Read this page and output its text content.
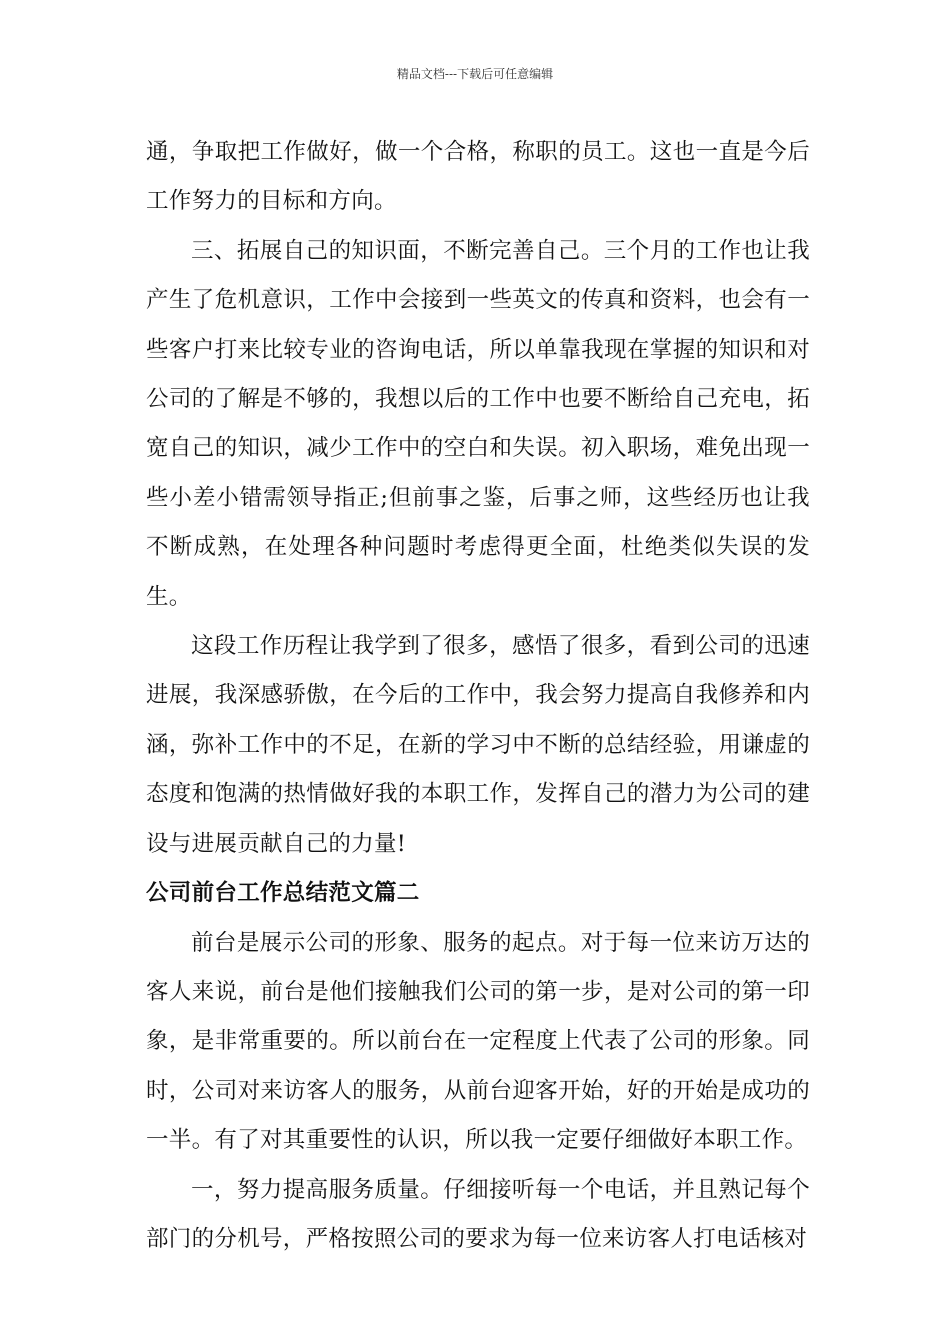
精品文档---下载后可任意编辑

通，争取把工作做好，做一个合格，称职的员工。这也一直是今后工作努力的目标和方向。

三、拓展自己的知识面，不断完善自己。三个月的工作也让我产生了危机意识，工作中会接到一些英文的传真和资料，也会有一些客户打来比较专业的咨询电话，所以单靠我现在掌握的知识和对公司的了解是不够的，我想以后的工作中也要不断给自己充电，拓宽自己的知识，减少工作中的空白和失误。初入职场，难免出现一些小差小错需领导指正;但前事之鉴，后事之师，这些经历也让我不断成熟，在处理各种问题时考虑得更全面，杜绝类似失误的发生。

这段工作历程让我学到了很多，感悟了很多，看到公司的迅速进展，我深感骄傲，在今后的工作中，我会努力提高自我修养和内涵，弥补工作中的不足，在新的学习中不断的总结经验，用谦虚的态度和饱满的热情做好我的本职工作，发挥自己的潜力为公司的建设与进展贡献自己的力量!

公司前台工作总结范文篇二

前台是展示公司的形象、服务的起点。对于每一位来访万达的客人来说，前台是他们接触我们公司的第一步，是对公司的第一印象，是非常重要的。所以前台在一定程度上代表了公司的形象。同时，公司对来访客人的服务，从前台迎客开始，好的开始是成功的一半。有了对其重要性的认识，所以我一定要仔细做好本职工作。

一，努力提高服务质量。仔细接听每一个电话，并且熟记每个部门的分机号，严格按照公司的要求为每一位来访客人打电话核对
